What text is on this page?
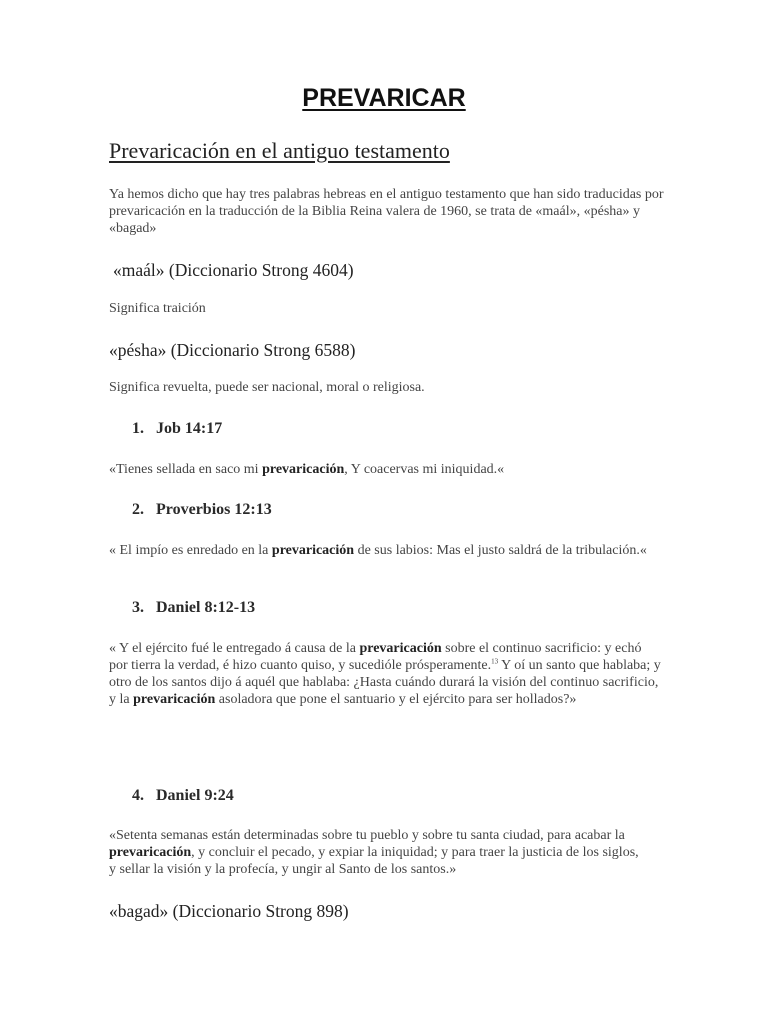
PREVARICAR
Prevaricación en el antiguo testamento

Ya hemos dicho que hay tres palabras hebreas en el antiguo testamento que han sido traducidas por prevaricación en la traducción de la Biblia Reina valera de 1960, se trata de «maál», «pésha» y «bagad»

«maál» (Diccionario Strong 4604)

Significa traición

«pésha» (Diccionario Strong 6588)

Significa revuelta, puede ser nacional, moral o religiosa.

1. Job 14:17

«Tienes sellada en saco mi prevaricación, Y coacervas mi iniquidad.«

2. Proverbios 12:13

« El impío es enredado en la prevaricación de sus labios: Mas el justo saldrá de la tribulación.«

3. Daniel 8:12-13

« Y el ejército fué le entregado á causa de la prevaricación sobre el continuo sacrificio: y echó por tierra la verdad, é hizo cuanto quiso, y sucedióle prósperamente.$^{13}$ Y oí un santo que hablaba; y otro de los santos dijo á aquél que hablaba: ¿Hasta cuándo durará la visión del continuo sacrificio, y la prevaricación asoladora que pone el santuario y el ejército para ser hollados?»

4. Daniel 9:24

«Setenta semanas están determinadas sobre tu pueblo y sobre tu santa ciudad, para acabar la prevaricación, y concluir el pecado, y expiar la iniquidad; y para traer la justicia de los siglos, y sellar la visión y la profecía, y ungir al Santo de los santos.»

«bagad» (Diccionario Strong 898)
